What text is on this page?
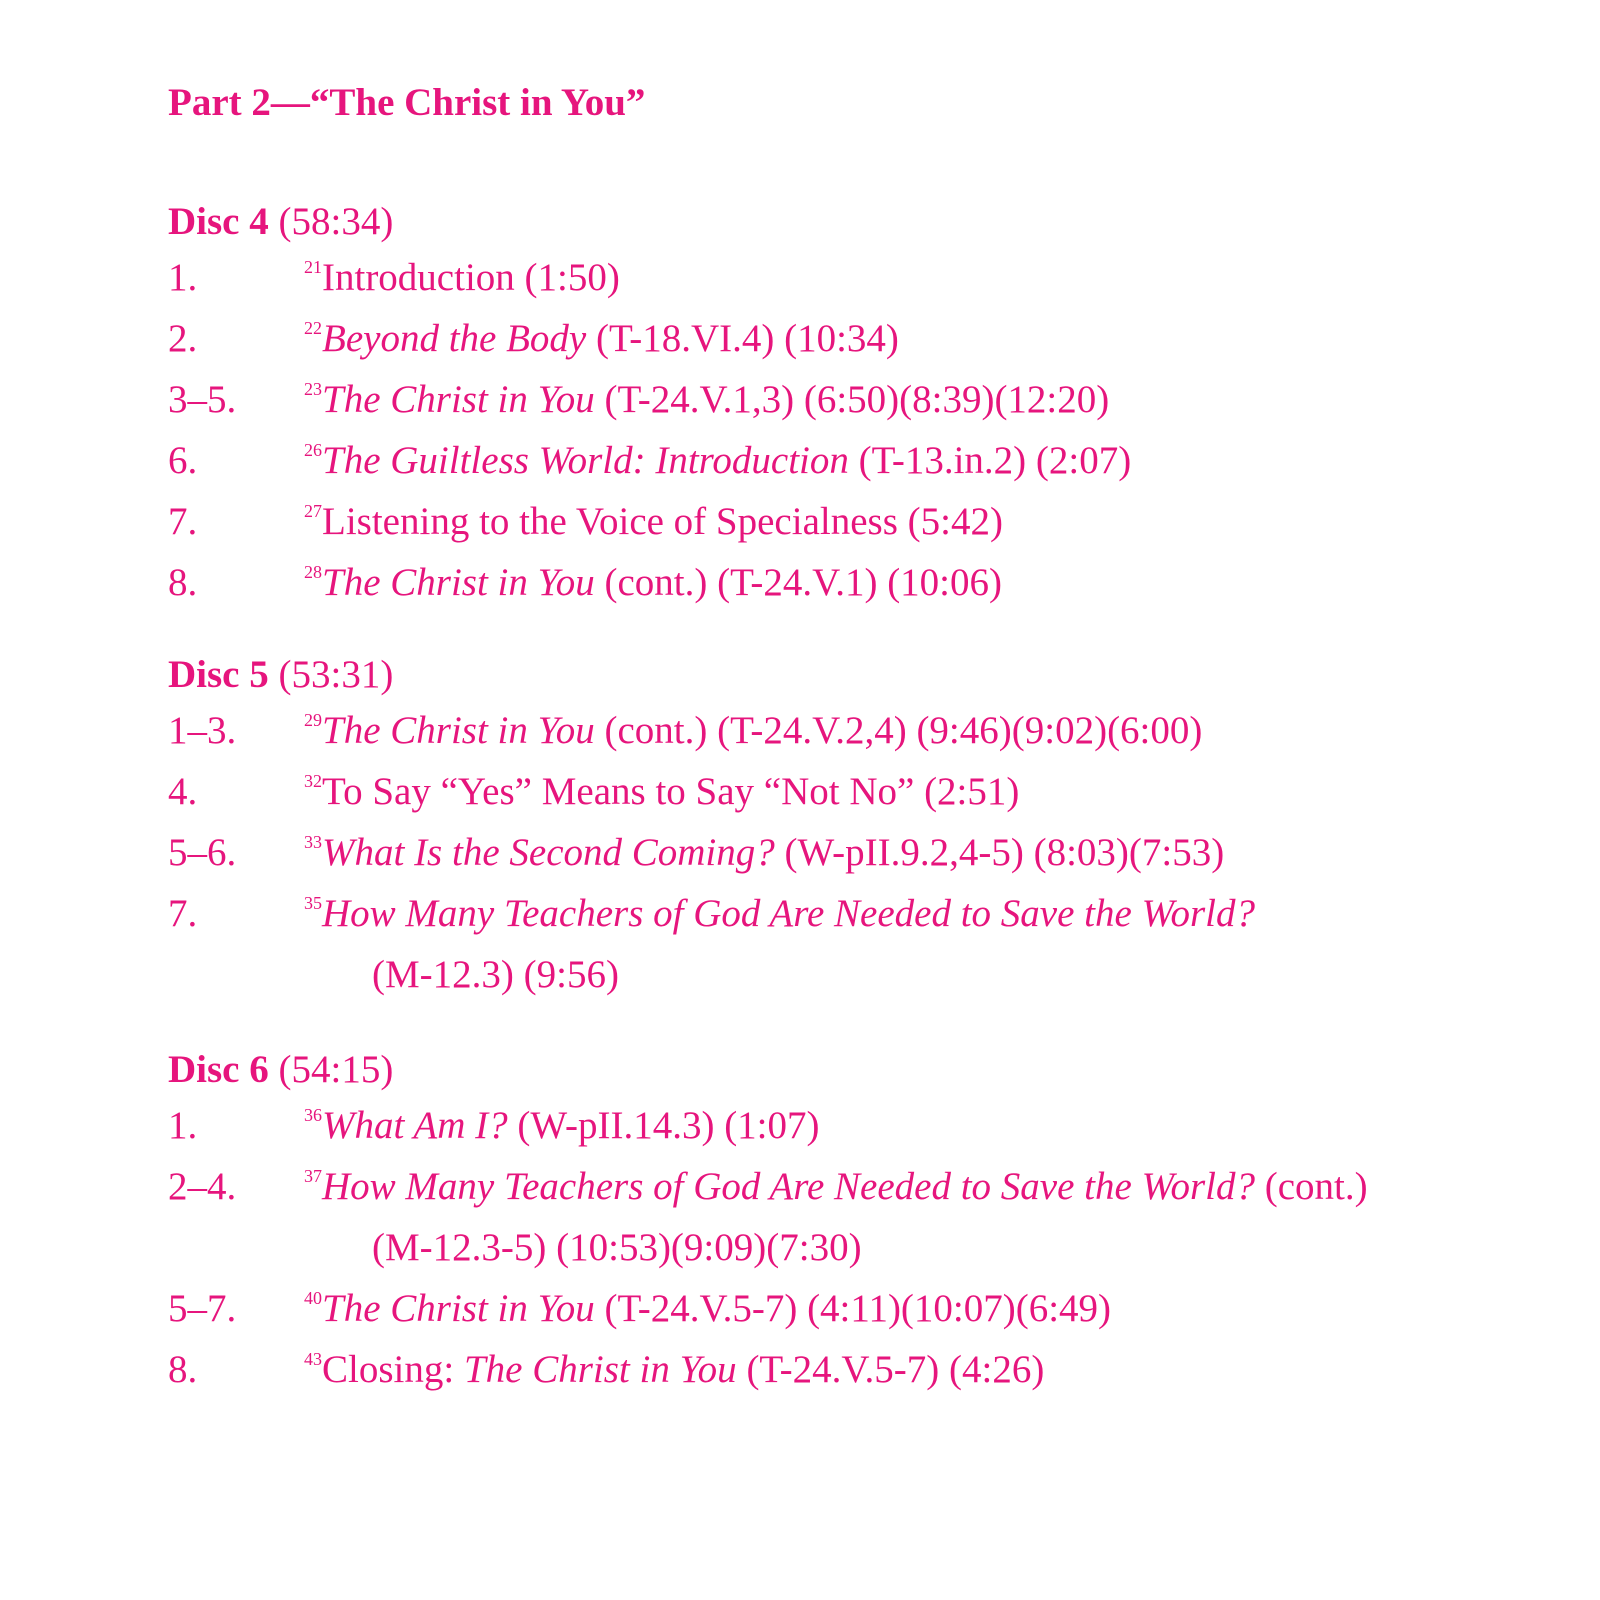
Part 2—“The Christ in You”
Disc 4 (58:34)
1.	$^{21}$Introduction (1:50)
2.	$^{22}$Beyond the Body (T-18.VI.4) (10:34)
3–5.	$^{23}$The Christ in You (T-24.V.1,3) (6:50)(8:39)(12:20)
6.	$^{26}$The Guiltless World: Introduction (T-13.in.2) (2:07)
7.	$^{27}$Listening to the Voice of Specialness (5:42)
8.	$^{28}$The Christ in You (cont.) (T-24.V.1) (10:06)
Disc 5 (53:31)
1–3.	$^{29}$The Christ in You (cont.) (T-24.V.2,4) (9:46)(9:02)(6:00)
4.	$^{32}$To Say “Yes” Means to Say “Not No” (2:51)
5–6.	$^{33}$What Is the Second Coming? (W-pII.9.2,4-5) (8:03)(7:53)
7.	$^{35}$How Many Teachers of God Are Needed to Save the World?
(M-12.3) (9:56)
Disc 6 (54:15)
1.	$^{36}$What Am I? (W-pII.14.3) (1:07)
2–4.	$^{37}$How Many Teachers of God Are Needed to Save the World? (cont.)
(M-12.3-5) (10:53)(9:09)(7:30)
5–7.	$^{40}$The Christ in You (T-24.V.5-7) (4:11)(10:07)(6:49)
8.	$^{43}$Closing: The Christ in You (T-24.V.5-7) (4:26)
